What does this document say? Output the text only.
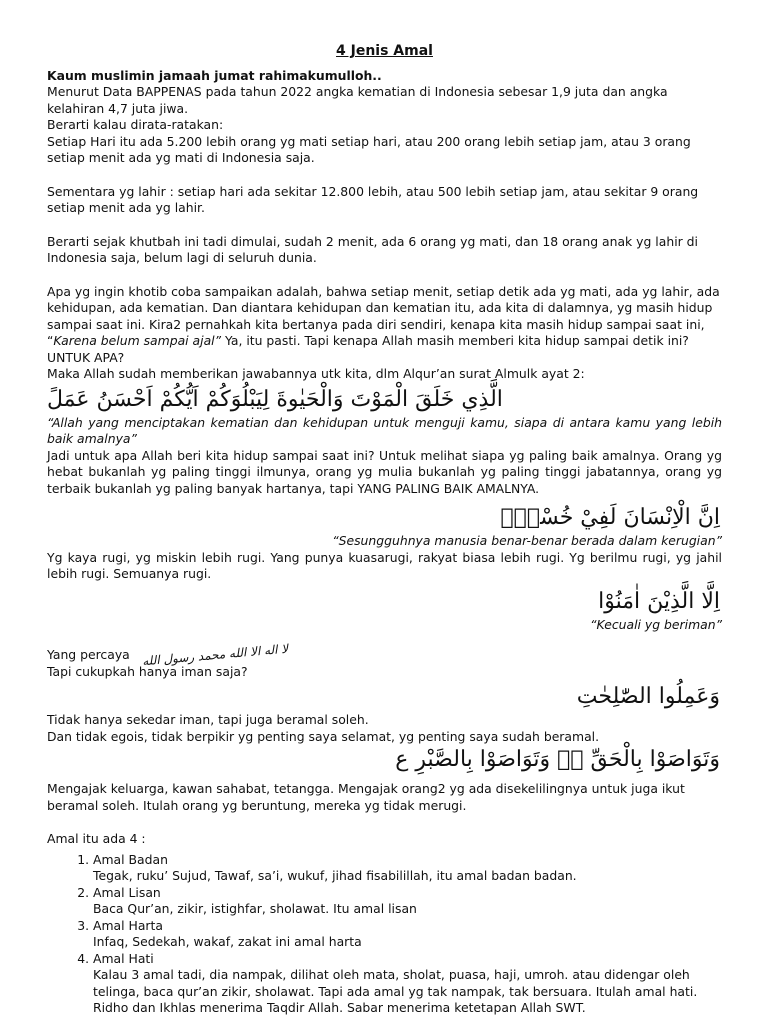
4 Jenis Amal

Kaum muslimin jamaah jumat rahimakumulloh..

Menurut Data BAPPENAS pada tahun 2022 angka kematian di Indonesia sebesar 1,9 juta dan angka kelahiran 4,7 juta jiwa.

Berarti kalau dirata-ratakan:

Setiap Hari itu ada 5.200 lebih orang yg mati setiap hari, atau 200 orang lebih setiap jam, atau 3 orang setiap menit ada yg mati di Indonesia saja.

Sementara yg lahir : setiap hari ada sekitar 12.800 lebih, atau 500 lebih setiap jam, atau sekitar 9 orang setiap menit ada yg lahir.

Berarti sejak khutbah ini tadi dimulai, sudah 2 menit, ada 6 orang yg mati, dan 18 orang anak yg lahir di Indonesia saja, belum lagi di seluruh dunia.

Apa yg ingin khotib coba sampaikan adalah, bahwa setiap menit, setiap detik ada yg mati, ada yg lahir, ada kehidupan, ada kematian. Dan diantara kehidupan dan kematian itu, ada kita di dalamnya, yg masih hidup sampai saat ini. Kira2 pernahkah kita bertanya pada diri sendiri, kenapa kita masih hidup sampai saat ini, “Karena belum sampai ajal” Ya, itu pasti. Tapi kenapa Allah masih memberi kita hidup sampai detik ini? UNTUK APA?

Maka Allah sudah memberikan jawabannya utk kita, dlm Alqur’an surat Almulk ayat 2:

الَّذِي خَلَقَ الْمَوْتَ وَالْحَيٰوةَ لِيَبْلُوَكُمْ اَيُّكُمْ اَحْسَنُ عَمَلً

“Allah yang menciptakan kematian dan kehidupan untuk menguji kamu, siapa di antara kamu yang lebih baik amalnya”

Jadi untuk apa Allah beri kita hidup sampai saat ini? Untuk melihat siapa yg paling baik amalnya. Orang yg hebat bukanlah yg paling tinggi ilmunya, orang yg mulia bukanlah yg paling tinggi jabatannya, orang yg terbaik bukanlah yg paling banyak hartanya, tapi YANG PALING BAIK AMALNYA.

اِنَّ الْاِنْسَانَ لَفِيْ خُسْرٍۙ

“Sesungguhnya manusia benar-benar berada dalam kerugian”

Yg kaya rugi, yg miskin lebih rugi. Yang punya kuasarugi, rakyat biasa lebih rugi. Yg berilmu rugi, yg jahil lebih rugi. Semuanya rugi.

اِلَّا الَّذِيْنَ اٰمَنُوْا

“Kecuali yg beriman”

Yang percaya لا اله الا الله محمد رسول الله

Tapi cukupkah hanya iman saja?

وَعَمِلُوا الصّٰلِحٰتِ

Tidak hanya sekedar iman, tapi juga beramal soleh.

Dan tidak egois, tidak berpikir yg penting saya selamat, yg penting saya sudah beramal.

وَتَوَاصَوْا بِالْحَقِّ ەۙ وَتَوَاصَوْا بِالصَّبْرِ ع

Mengajak keluarga, kawan sahabat, tetangga. Mengajak orang2 yg ada disekelilingnya untuk juga ikut beramal soleh. Itulah orang yg beruntung, mereka yg tidak merugi.

Amal itu ada 4 :

1. Amal Badan
Tegak, ruku’ Sujud, Tawaf, sa’i, wukuf, jihad fisabilillah, itu amal badan badan.
2. Amal Lisan
Baca Qur’an, zikir, istighfar, sholawat. Itu amal lisan
3. Amal Harta
Infaq, Sedekah, wakaf, zakat ini amal harta
4. Amal Hati
Kalau 3 amal tadi, dia nampak, dilihat oleh mata, sholat, puasa, haji, umroh. atau didengar oleh telinga, baca qur’an zikir, sholawat. Tapi ada amal yg tak nampak, tak bersuara. Itulah amal hati. Ridho dan Ikhlas menerima Taqdir Allah. Sabar menerima ketetapan Allah SWT.
